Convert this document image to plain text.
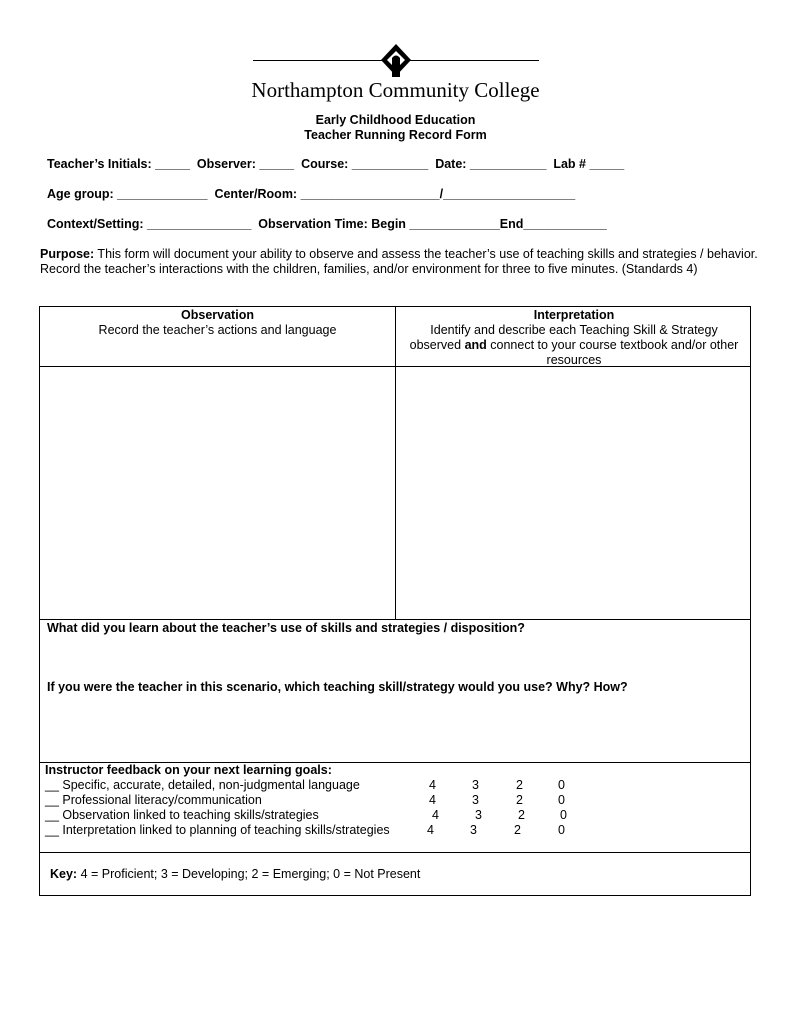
Northampton Community College
Early Childhood Education
Teacher Running Record Form
Teacher’s Initials: _____  Observer: _____  Course: ___________  Date: ___________  Lab # _____
Age group: _____________  Center/Room: ____________________/___________________
Context/Setting: _______________  Observation Time: Begin _____________End____________
Purpose: This form will document your ability to observe and assess the teacher’s use of teaching skills and strategies / behavior. Record the teacher’s interactions with the children, families, and/or environment for three to five minutes. (Standards 4)
Observation
Record the teacher’s actions and language
Interpretation
Identify and describe each Teaching Skill & Strategy observed and connect to your course textbook and/or other resources
What did you learn about the teacher’s use of skills and strategies / disposition?
If you were the teacher in this scenario, which teaching skill/strategy would you use? Why? How?
Instructor feedback on your next learning goals:

__ Specific, accurate, detailed, non-judgmental language

	4

	3

	2

	0

__ Professional literacy/communication

	4

	3

	2

	0

__ Observation linked to teaching skills/strategies

	4

	3

	2

	0

__ Interpretation linked to planning of teaching skills/strategies

	4

	3

	2

	0

Key: 4 = Proficient; 3 = Developing; 2 = Emerging; 0 = Not Present
